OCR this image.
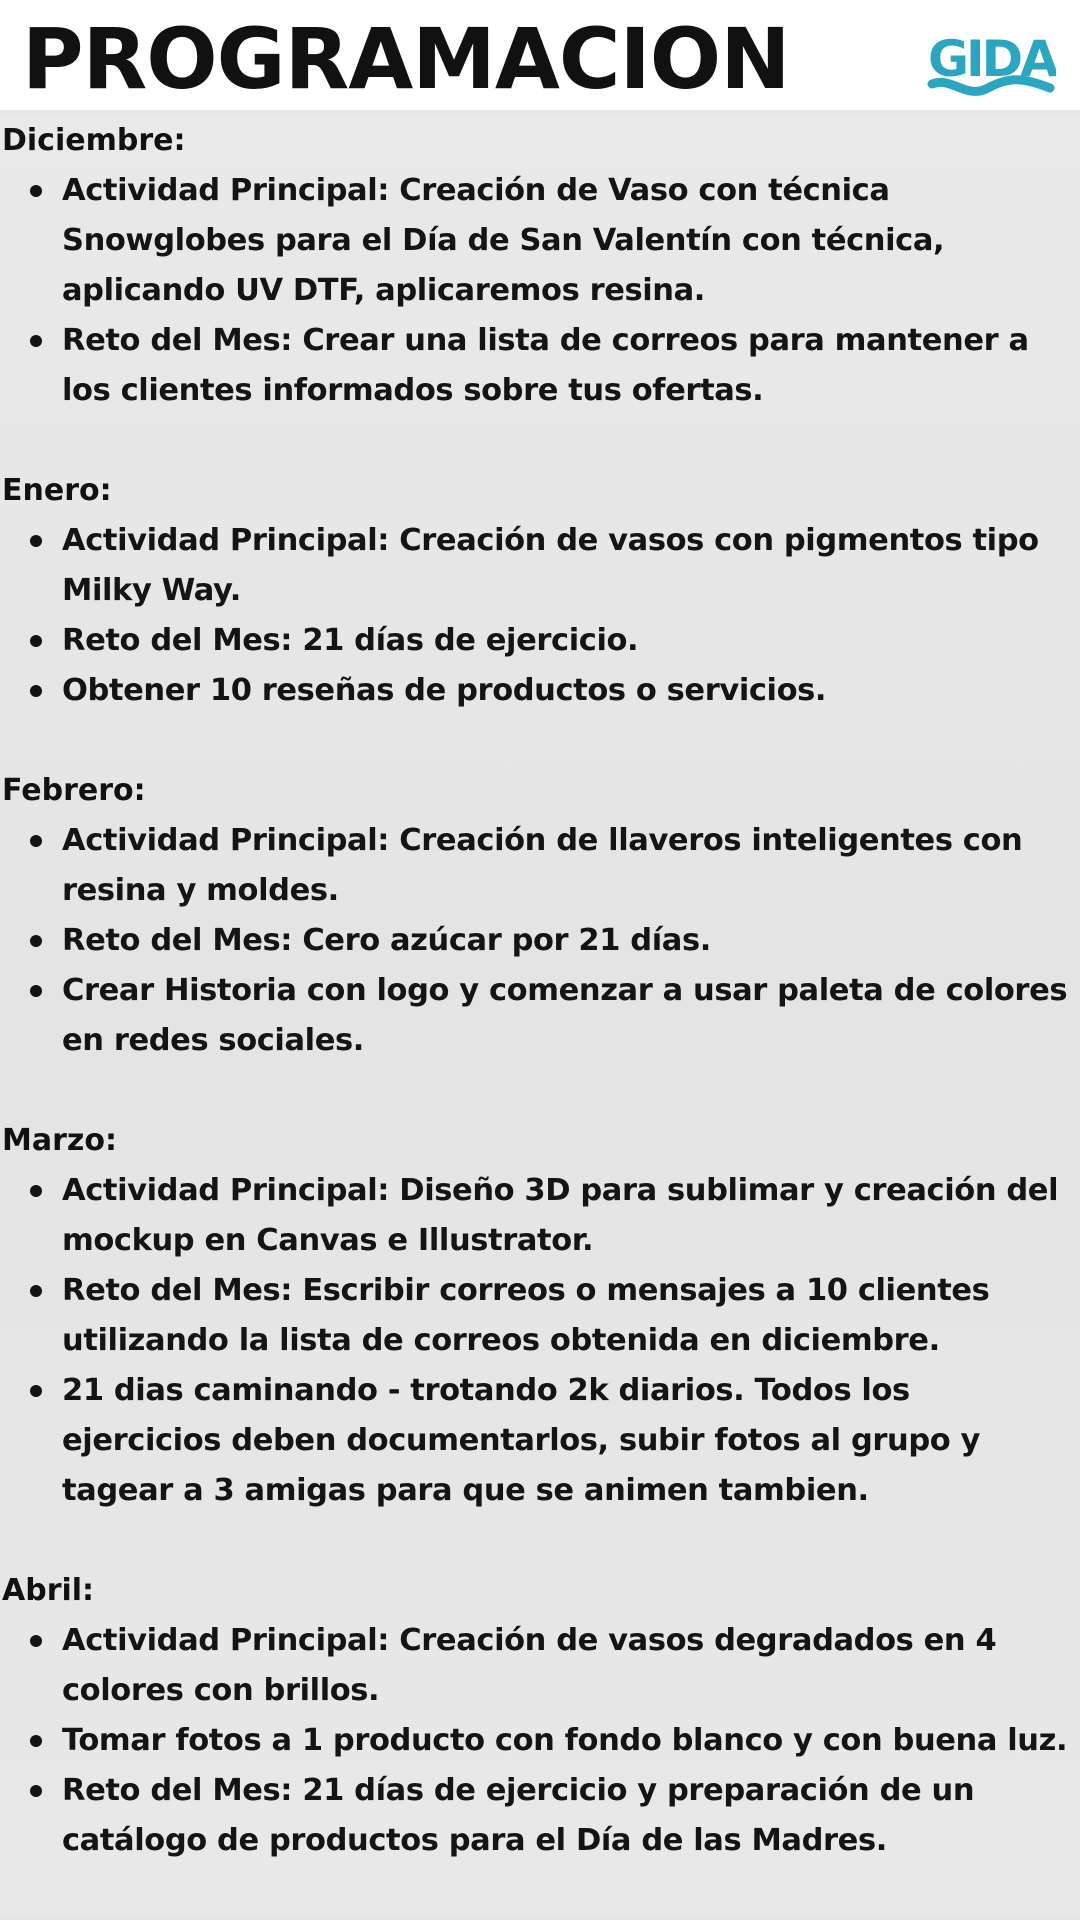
PROGRAMACION	GIDA

Diciembre:

Actividad Principal: Creación de Vaso con técnica Snowglobes para el Día de San Valentín con técnica, aplicando UV DTF, aplicaremos resina.
Reto del Mes: Crear una lista de correos para mantener a los clientes informados sobre tus ofertas.

Enero:

Actividad Principal: Creación de vasos con pigmentos tipo Milky Way.
Reto del Mes: 21 días de ejercicio.
Obtener 10 reseñas de productos o servicios.

Febrero:

Actividad Principal: Creación de llaveros inteligentes con resina y moldes.
Reto del Mes: Cero azúcar por 21 días.
Crear Historia con logo y comenzar a usar paleta de colores en redes sociales.

Marzo:

Actividad Principal: Diseño 3D para sublimar y creación del mockup en Canvas e Illustrator.
Reto del Mes: Escribir correos o mensajes a 10 clientes utilizando la lista de correos obtenida en diciembre.
21 dias caminando - trotando 2k diarios. Todos los ejercicios deben documentarlos, subir fotos al grupo y tagear a 3 amigas para que se animen tambien.

Abril:

Actividad Principal: Creación de vasos degradados en 4 colores con brillos.
Tomar fotos a 1 producto con fondo blanco y con buena luz.
Reto del Mes: 21 días de ejercicio y preparación de un catálogo de productos para el Día de las Madres.
